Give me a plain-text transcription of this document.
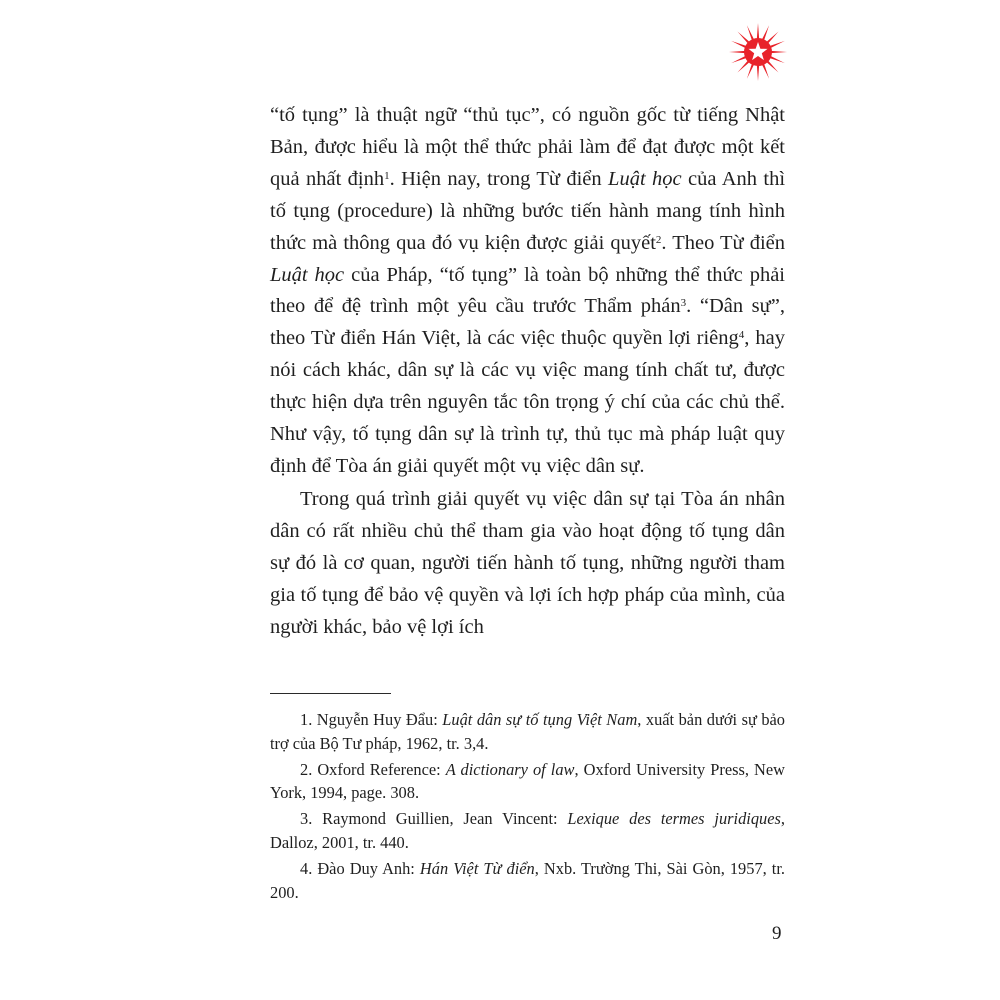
“tố tụng” là thuật ngữ “thủ tục”, có nguồn gốc từ tiếng Nhật Bản, được hiểu là một thể thức phải làm để đạt được một kết quả nhất định$^1$. Hiện nay, trong Từ điển Luật học của Anh thì tố tụng (procedure) là những bước tiến hành mang tính hình thức mà thông qua đó vụ kiện được giải quyết$^2$. Theo Từ điển Luật học của Pháp, “tố tụng” là toàn bộ những thể thức phải theo để đệ trình một yêu cầu trước Thẩm phán$^3$. “Dân sự”, theo Từ điển Hán Việt, là các việc thuộc quyền lợi riêng$^4$, hay nói cách khác, dân sự là các vụ việc mang tính chất tư, được thực hiện dựa trên nguyên tắc tôn trọng ý chí của các chủ thể. Như vậy, tố tụng dân sự là trình tự, thủ tục mà pháp luật quy định để Tòa án giải quyết một vụ việc dân sự.

Trong quá trình giải quyết vụ việc dân sự tại Tòa án nhân dân có rất nhiều chủ thể tham gia vào hoạt động tố tụng dân sự đó là cơ quan, người tiến hành tố tụng, những người tham gia tố tụng để bảo vệ quyền và lợi ích hợp pháp của mình, của người khác, bảo vệ lợi ích

1. Nguyễn Huy Đẩu: Luật dân sự tố tụng Việt Nam, xuất bản dưới sự bảo trợ của Bộ Tư pháp, 1962, tr. 3,4.

2. Oxford Reference: A dictionary of law, Oxford University Press, New York, 1994, page. 308.

3. Raymond Guillien, Jean Vincent: Lexique des termes juridiques, Dalloz, 2001, tr. 440.

4. Đào Duy Anh: Hán Việt Từ điển, Nxb. Trường Thi, Sài Gòn, 1957, tr. 200.

9
